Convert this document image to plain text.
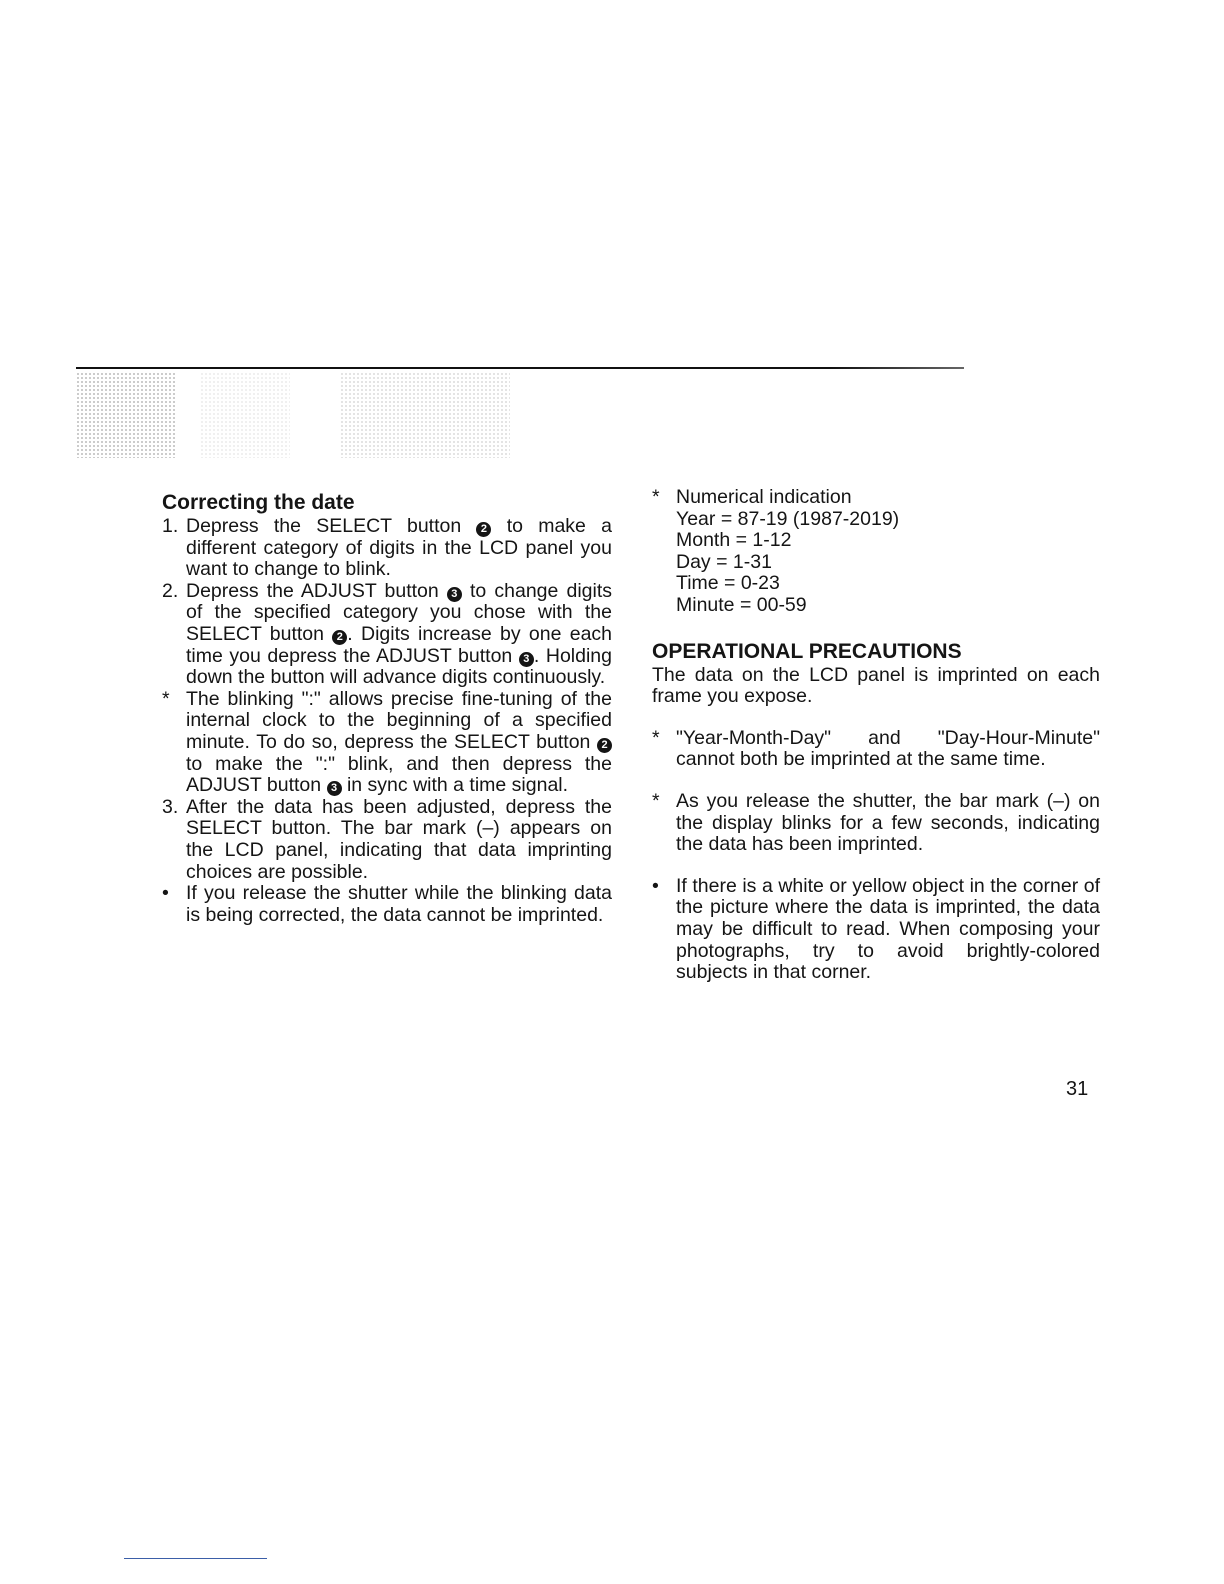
Correcting the date
1. Depress the SELECT button 2 to make a different category of digits in the LCD panel you want to change to blink.
2. Depress the ADJUST button 3 to change digits of the specified category you chose with the SELECT button 2 . Digits increase by one each time you depress the ADJUST button 3 . Holding down the button will advance digits continuously.
* The blinking ":" allows precise fine-tuning of the internal clock to the beginning of a specified minute. To do so, depress the SELECT button 2 to make the ":" blink, and then depress the ADJUST button 3 in sync with a time signal.
3. After the data has been adjusted, depress the SELECT button. The bar mark (–) appears on the LCD panel, indicating that data imprinting choices are possible.
• If you release the shutter while the blinking data is being corrected, the data cannot be imprinted.
* Numerical indication
Year = 87-19 (1987-2019)
Month = 1-12
Day = 1-31
Time = 0-23
Minute = 00-59
OPERATIONAL PRECAUTIONS

The data on the LCD panel is imprinted on each frame you expose.

* "Year-Month-Day" and "Day-Hour-Minute" cannot both be imprinted at the same time.
* As you release the shutter, the bar mark (–) on the display blinks for a few seconds, indicating the data has been imprinted.
• If there is a white or yellow object in the corner of the picture where the data is imprinted, the data may be difficult to read. When composing your photographs, try to avoid brightly-colored subjects in that corner.
31
